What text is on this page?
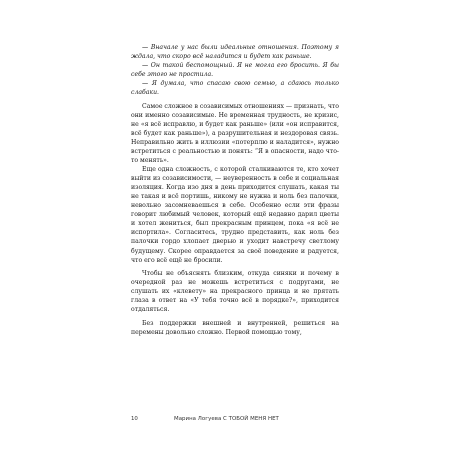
— Вначале у нас были идеальные отношения. Поэтому я ждала, что скоро всё наладится и будет как раньше.

— Он такой беспомощный. Я не могла его бросить. Я бы себе этого не простила.

— Я думала, что спасаю свою семью, а сдаюсь только слабаки.

Самое сложное в созависимых отношениях — признать, что они именно созависимые. Не временная трудность, не кризис, не «я всё исправлю, и будет как раньше» (или «он исправится, всё будет как раньше»), а разрушительная и нездоровая связь. Неправильно жить в иллюзии «потерплю и наладится», нужно встретиться с реальностью и понять: “Я в опасности, надо что-то менять».

Еще одна сложность, с которой сталкиваются те, кто хочет выйти из созависимости, — неуверенность в себе и социальная изоляция. Когда изо дня в день приходится слушать, какая ты не такая и всё портишь, никому не нужна и ноль без палочки, невольно засомневаешься в себе. Особенно если эти фразы говорит любимый человек, который ещё недавно дарил цветы и хотел жениться, был прекрасным принцем, пока «я всё не испортила». Согласитесь, трудно представить, как ноль без палочки гордо хлопает дверью и уходит навстречу светлому будущему. Скорее оправдается за своё поведение и радуется, что его всё ещё не бросили.

Чтобы не объяснять близким, откуда синяки и почему в очередной раз не можешь встретиться с подругами, не слушать их «клевету» на прекрасного принца и не прятать глаза в ответ на «У тебя точно всё в порядке?», приходится отдаляться.

Без поддержки внешней и внутренней, решиться на перемены довольно сложно. Первой помощью тому,

10	Марина Логуева С ТОБОЙ МЕНЯ НЕТ
